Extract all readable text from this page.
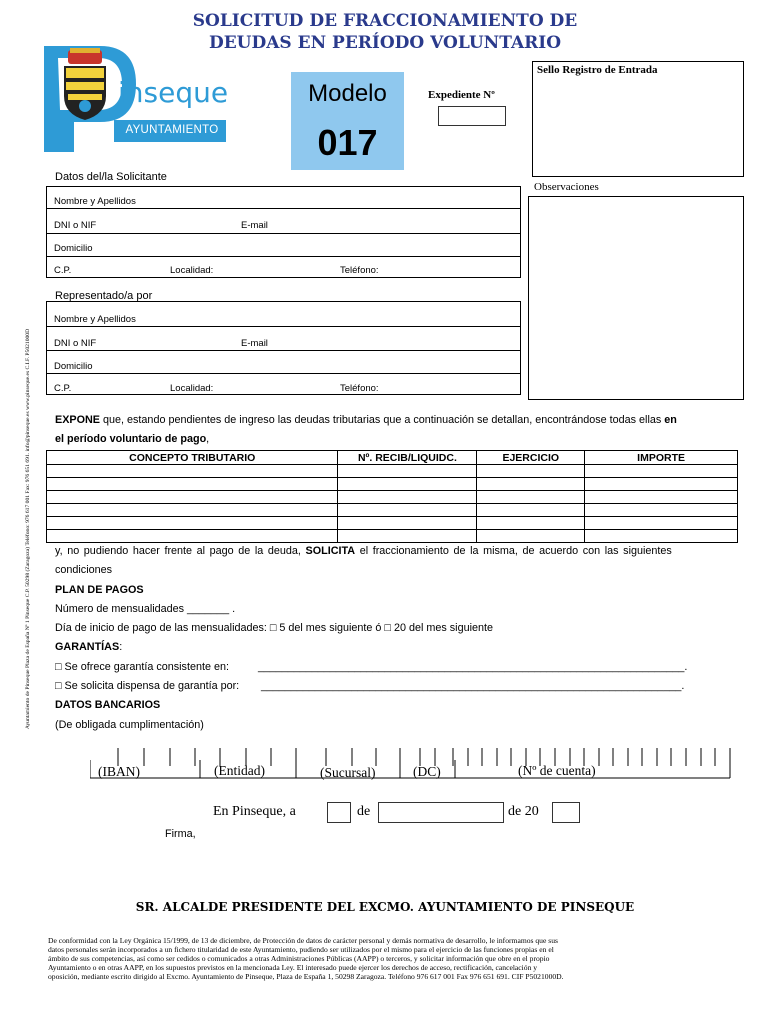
SOLICITUD DE FRACCIONAMIENTO DE
DEUDAS EN PERÍODO VOLUNTARIO
inseque
AYUNTAMIENTO
Modelo
017
Expediente Nº
Sello Registro de Entrada
Ayuntamiento de Pinseque Plaza de España Nº 1 Pinseque C.P. 50298 (Zaragoza) Teléfono: 976 617 001 Fax: 976 651 691. info@pinseque.es www.pinseque.es C.I.F. P5021000D
Datos del/la Solicitante
Nombre y Apellidos
DNI o NIF	E-mail
Domicilio
C.P.	Localidad:	Teléfono:
Observaciones
Representado/a por
Nombre y Apellidos
DNI o NIF	E-mail
Domicilio
C.P.	Localidad:	Teléfono:
EXPONE que, estando pendientes de ingreso las deudas tributarias que a continuación se detallan, encontrándose todas ellas en
el período voluntario de pago,
CONCEPTO TRIBUTARIO	Nº. RECIB/LIQUIDC.	EJERCICIO	IMPORTE

y, no pudiendo hacer frente al pago de la deuda, SOLICITA el fraccionamiento de la misma, de acuerdo con las siguientes
condiciones
PLAN DE PAGOS
Número de mensualidades _______ .
Día de inicio de pago de las mensualidades: □ 5 del mes siguiente ó □ 20 del mes siguiente
GARANTÍAS:
□ Se ofrece garantía consistente en:	_______________________________________________________________________.
□ Se solicita dispensa de garantía por: ______________________________________________________________________.
DATOS BANCARIOS
(De obligada cumplimentación)
(IBAN)	(Entidad)	(Sucursal)	(DC)	(Nº de cuenta)
En Pinseque, a	de	de 20
Firma,
SR. ALCALDE PRESIDENTE DEL EXCMO. AYUNTAMIENTO DE PINSEQUE
De conformidad con la Ley Orgánica 15/1999, de 13 de diciembre, de Protección de datos de carácter personal y demás normativa de desarrollo, le informamos que sus
datos personales serán incorporados a un fichero titularidad de este Ayuntamiento, pudiendo ser utilizados por el mismo para el ejercicio de las funciones propias en el
ámbito de sus competencias, así como ser cedidos o comunicados a otras Administraciones Públicas (AAPP) o terceros, y solicitar información que obre en el propio
Ayuntamiento o en otras AAPP, en los supuestos previstos en la mencionada Ley. El interesado puede ejercer los derechos de acceso, rectificación, cancelación y
oposición, mediante escrito dirigido al Excmo. Ayuntamiento de Pinseque, Plaza de España 1, 50298 Zaragoza. Teléfono 976 617 001 Fax 976 651 691. CIF P5021000D.
